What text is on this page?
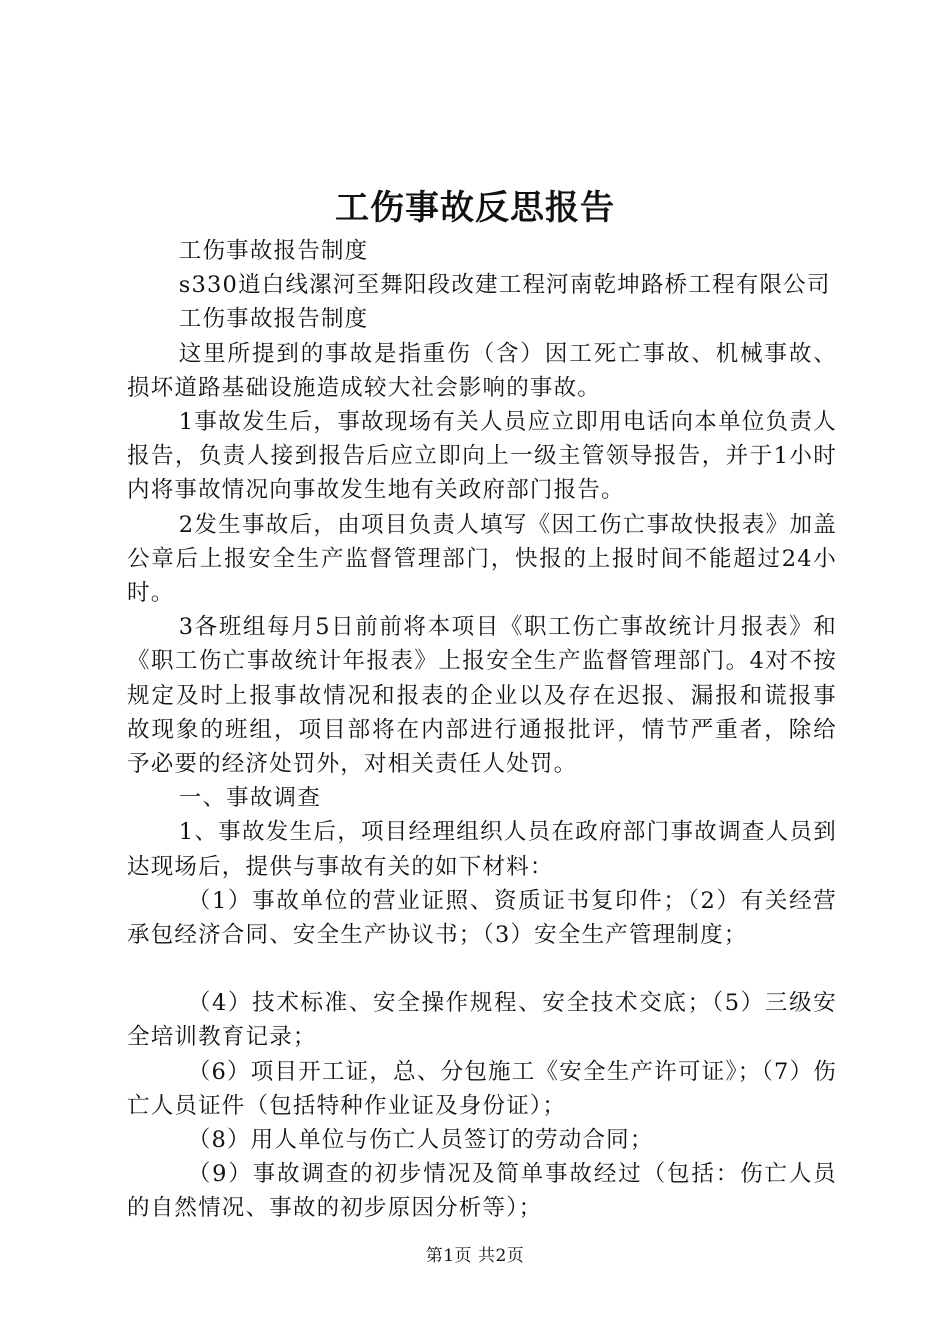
工伤事故反思报告

工伤事故报告制度

s330逍白线漯河至舞阳段改建工程河南乾坤路桥工程有限公司

工伤事故报告制度

这里所提到的事故是指重伤（含）因工死亡事故、机械事故、损坏道路基础设施造成较大社会影响的事故。

1事故发生后，事故现场有关人员应立即用电话向本单位负责人报告，负责人接到报告后应立即向上一级主管领导报告，并于1小时内将事故情况向事故发生地有关政府部门报告。

2发生事故后，由项目负责人填写《因工伤亡事故快报表》加盖公章后上报安全生产监督管理部门，快报的上报时间不能超过24小时。

3各班组每月5日前前将本项目《职工伤亡事故统计月报表》和《职工伤亡事故统计年报表》上报安全生产监督管理部门。4对不按规定及时上报事故情况和报表的企业以及存在迟报、漏报和谎报事故现象的班组，项目部将在内部进行通报批评，情节严重者，除给予必要的经济处罚外，对相关责任人处罚。

一、事故调查

1、事故发生后，项目经理组织人员在政府部门事故调查人员到达现场后，提供与事故有关的如下材料：

（1）事故单位的营业证照、资质证书复印件；（2）有关经营承包经济合同、安全生产协议书；（3）安全生产管理制度；

（4）技术标准、安全操作规程、安全技术交底；（5）三级安全培训教育记录；

（6）项目开工证，总、分包施工《安全生产许可证》；（7）伤亡人员证件（包括特种作业证及身份证）；

（8）用人单位与伤亡人员签订的劳动合同；

（9）事故调查的初步情况及简单事故经过（包括：伤亡人员的自然情况、事故的初步原因分析等）；

第1页 共2页
